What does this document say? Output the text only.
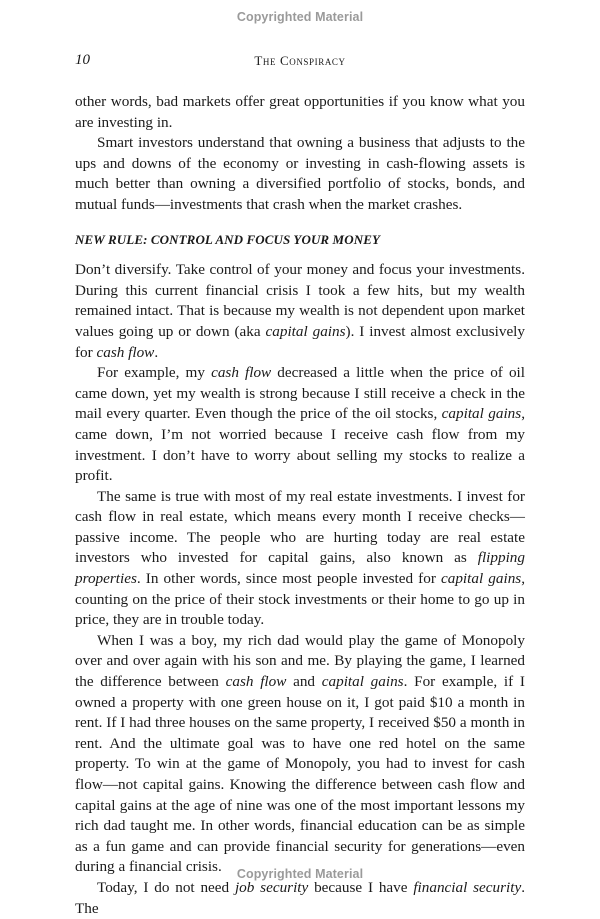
Copyrighted Material
10	The Conspiracy

other words, bad markets offer great opportunities if you know what you are investing in.

Smart investors understand that owning a business that adjusts to the ups and downs of the economy or investing in cash-flowing assets is much better than owning a diversified portfolio of stocks, bonds, and mutual funds—investments that crash when the market crashes.

NEW RULE: CONTROL AND FOCUS YOUR MONEY

Don’t diversify. Take control of your money and focus your investments. During this current financial crisis I took a few hits, but my wealth remained intact. That is because my wealth is not dependent upon market values going up or down (aka capital gains). I invest almost exclusively for cash flow.

For example, my cash flow decreased a little when the price of oil came down, yet my wealth is strong because I still receive a check in the mail every quarter. Even though the price of the oil stocks, capital gains, came down, I’m not worried because I receive cash flow from my investment. I don’t have to worry about selling my stocks to realize a profit.

The same is true with most of my real estate investments. I invest for cash flow in real estate, which means every month I receive checks—passive income. The people who are hurting today are real estate investors who invested for capital gains, also known as flipping properties. In other words, since most people invested for capital gains, counting on the price of their stock investments or their home to go up in price, they are in trouble today.

When I was a boy, my rich dad would play the game of Monopoly over and over again with his son and me. By playing the game, I learned the difference between cash flow and capital gains. For example, if I owned a property with one green house on it, I got paid $10 a month in rent. If I had three houses on the same property, I received $50 a month in rent. And the ultimate goal was to have one red hotel on the same property. To win at the game of Monopoly, you had to invest for cash flow—not capital gains. Knowing the difference between cash flow and capital gains at the age of nine was one of the most important lessons my rich dad taught me. In other words, financial education can be as simple as a fun game and can provide financial security for generations—even during a financial crisis.

Today, I do not need job security because I have financial security. The

Copyrighted Material
